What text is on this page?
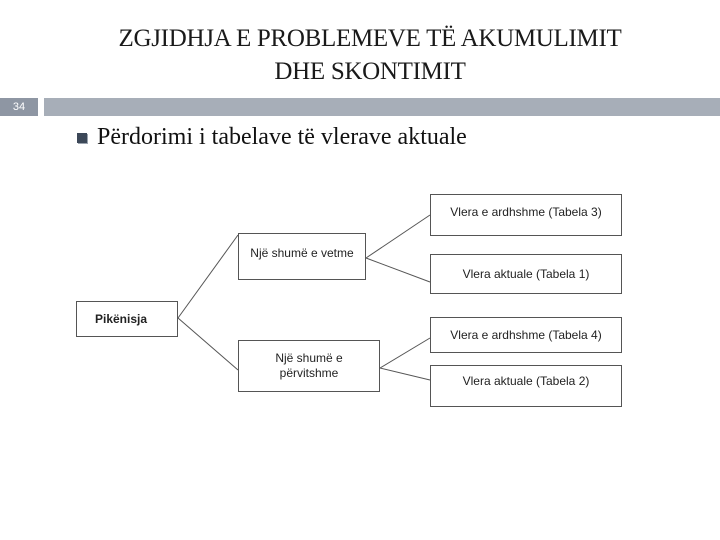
ZGJIDHJA E PROBLEMEVE TË AKUMULIMIT
DHE SKONTIMIT
34
Përdorimi i tabelave të vlerave aktuale
Pikënisja
Një shumë e vetme
Një shumë e
përvitshme
Vlera e ardhshme (Tabela 3)
Vlera aktuale (Tabela 1)
Vlera e ardhshme (Tabela 4)
Vlera aktuale (Tabela 2)
